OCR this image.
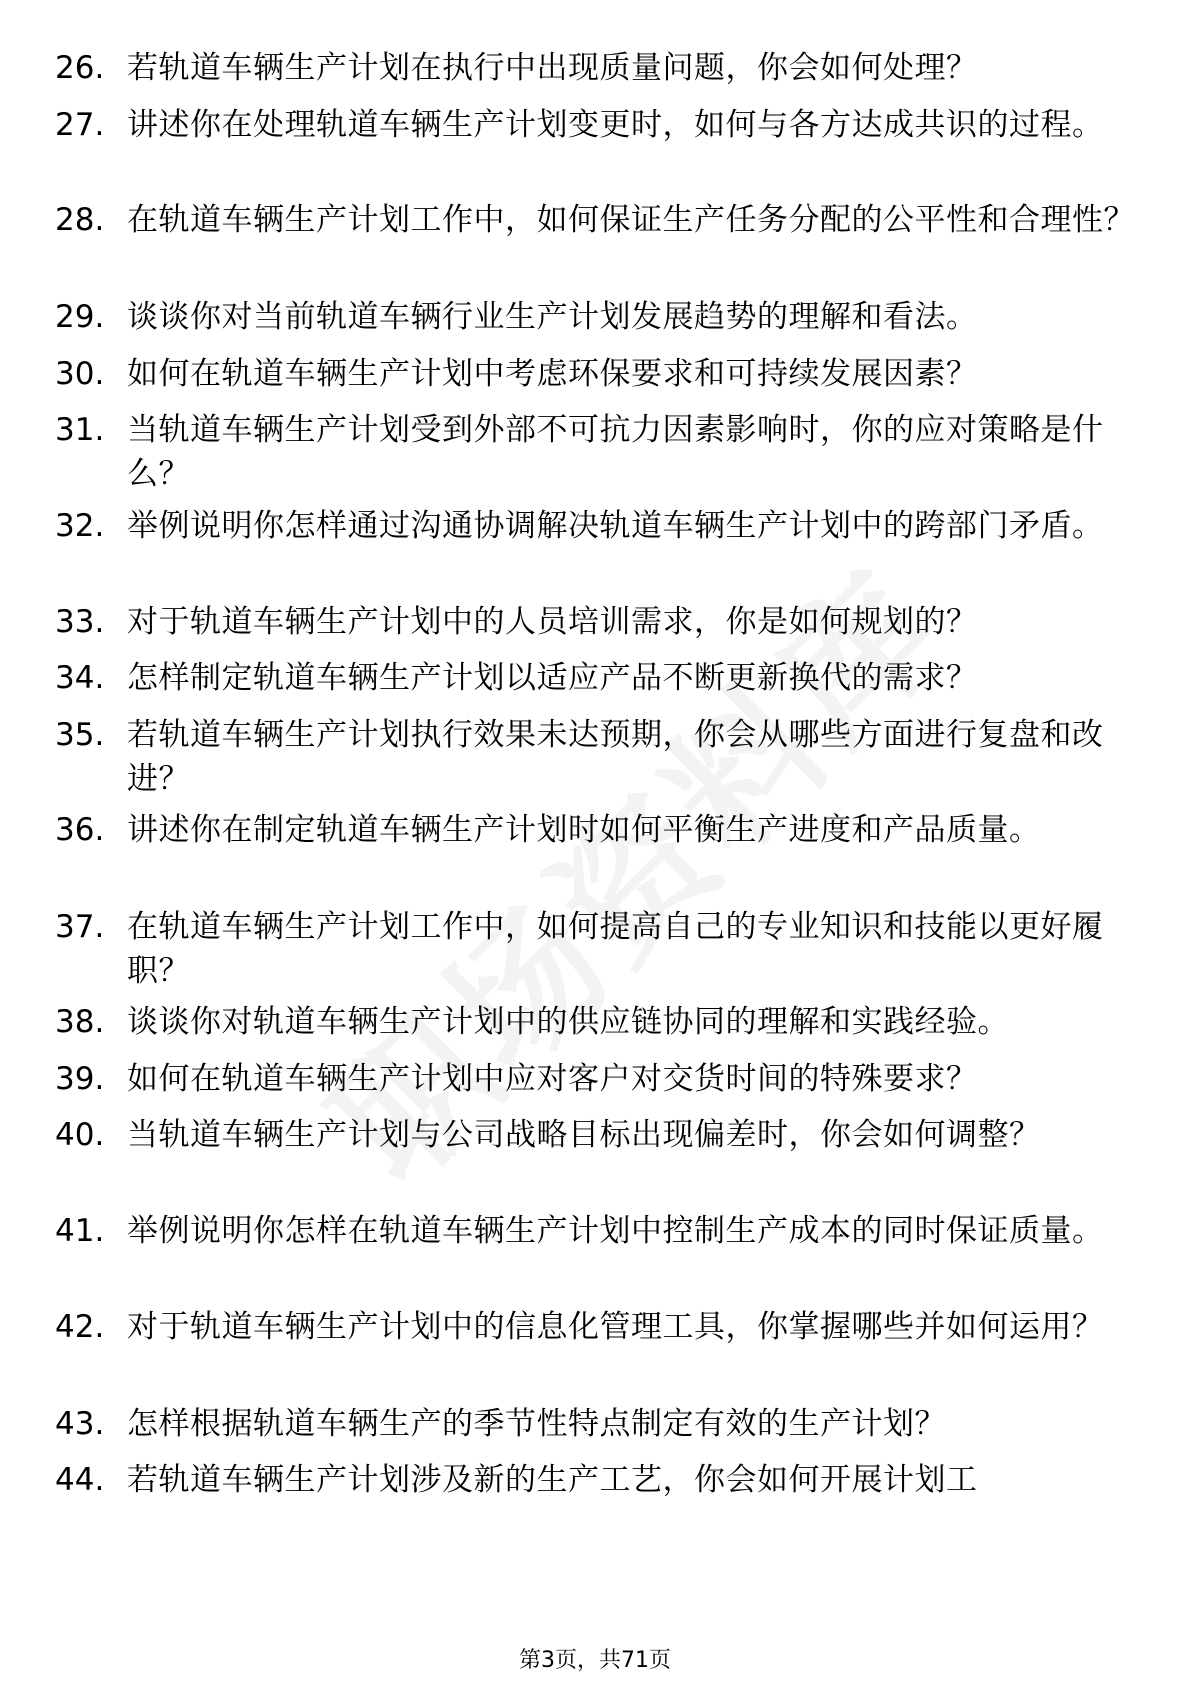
26. 若轨道车辆生产计划在执行中出现质量问题，你会如何处理？
27. 讲述你在处理轨道车辆生产计划变更时，如何与各方达成共识的过程。
28. 在轨道车辆生产计划工作中，如何保证生产任务分配的公平性和合理性？
29. 谈谈你对当前轨道车辆行业生产计划发展趋势的理解和看法。
30. 如何在轨道车辆生产计划中考虑环保要求和可持续发展因素？
31. 当轨道车辆生产计划受到外部不可抗力因素影响时，你的应对策略是什么？
32. 举例说明你怎样通过沟通协调解决轨道车辆生产计划中的跨部门矛盾。
33. 对于轨道车辆生产计划中的人员培训需求，你是如何规划的？
34. 怎样制定轨道车辆生产计划以适应产品不断更新换代的需求？
35. 若轨道车辆生产计划执行效果未达预期，你会从哪些方面进行复盘和改进？
36. 讲述你在制定轨道车辆生产计划时如何平衡生产进度和产品质量。
37. 在轨道车辆生产计划工作中，如何提高自己的专业知识和技能以更好履职？
38. 谈谈你对轨道车辆生产计划中的供应链协同的理解和实践经验。
39. 如何在轨道车辆生产计划中应对客户对交货时间的特殊要求？
40. 当轨道车辆生产计划与公司战略目标出现偏差时，你会如何调整？
41. 举例说明你怎样在轨道车辆生产计划中控制生产成本的同时保证质量。
42. 对于轨道车辆生产计划中的信息化管理工具，你掌握哪些并如何运用？
43. 怎样根据轨道车辆生产的季节性特点制定有效的生产计划？
44. 若轨道车辆生产计划涉及新的生产工艺，你会如何开展计划工
第3页，共71页
